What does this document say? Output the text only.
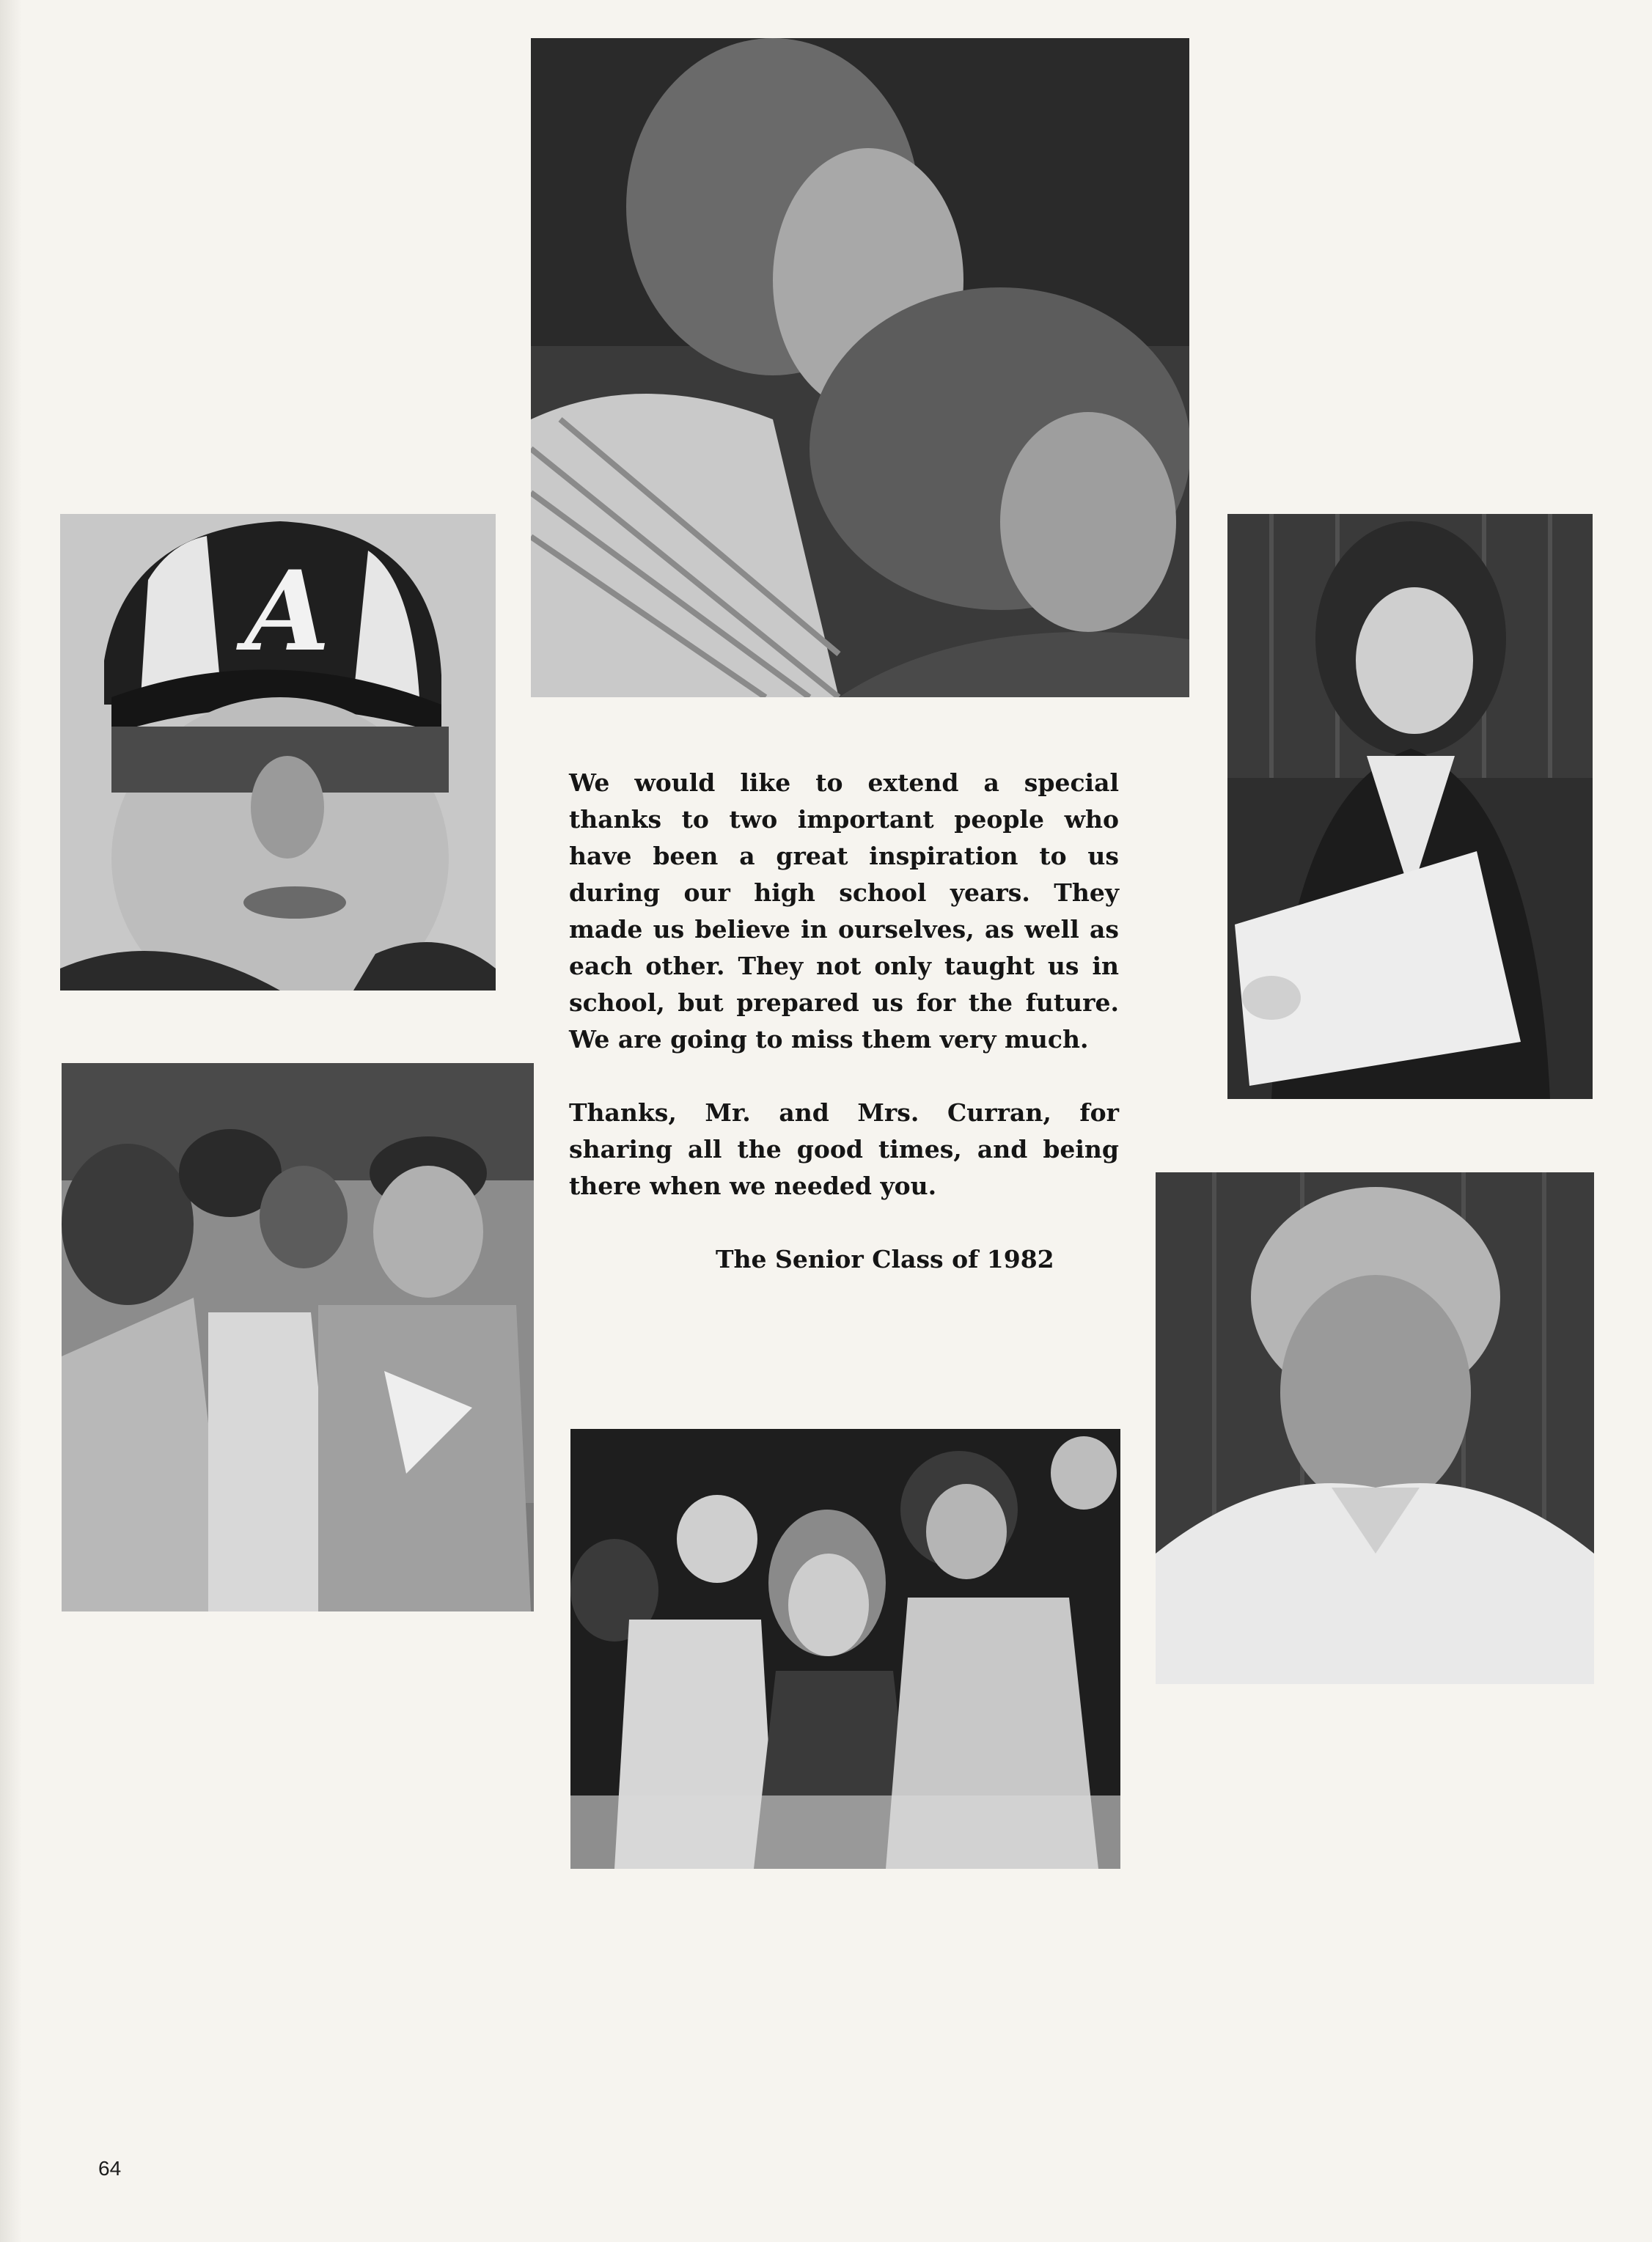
A

We would like to extend a special thanks to two important people who have been a great inspiration to us during our high school years. They made us believe in ourselves, as well as each other. They not only taught us in school, but prepared us for the future. We are going to miss them very much.

Thanks, Mr. and Mrs. Curran, for sharing all the good times, and being there when we needed you.

The Senior Class of 1982
64
